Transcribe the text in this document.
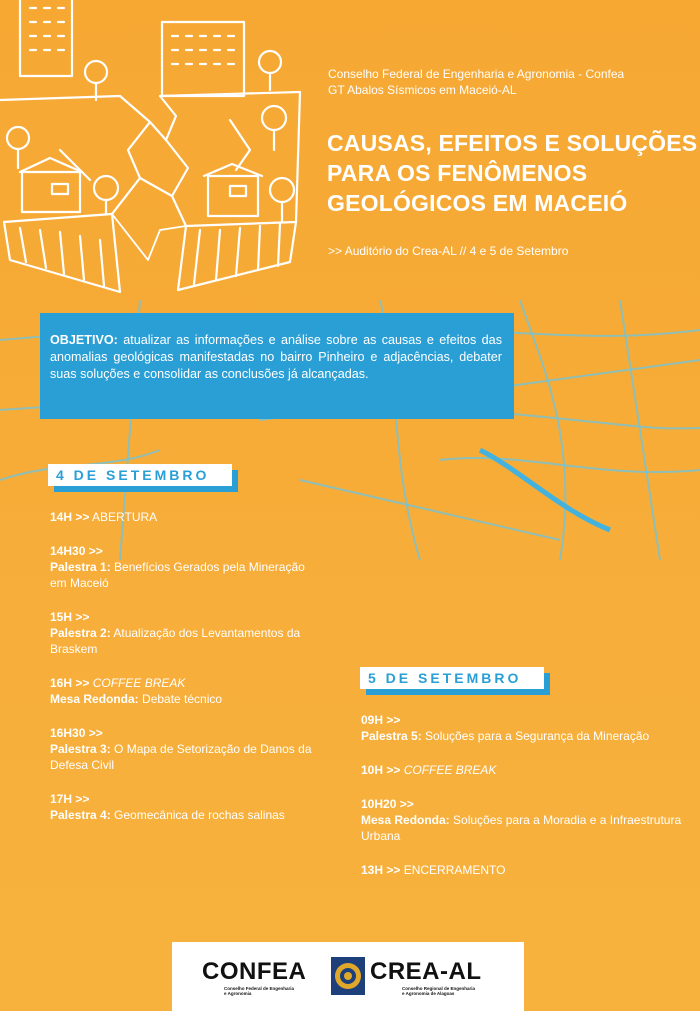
Conselho Federal de Engenharia e Agronomia - Confea
GT Abalos Sísmicos em Maceió-AL
CAUSAS, EFEITOS E SOLUÇÕES
PARA OS FENÔMENOS
GEOLÓGICOS EM MACEIÓ
>> Auditório do Crea-AL // 4 e 5 de Setembro
OBJETIVO: atualizar as informações e análise sobre as causas e efeitos das anomalias geológicas manifestadas no bairro Pinheiro e adjacências, debater suas soluções e consolidar as conclusões já alcançadas.
4 DE SETEMBRO
14H >> ABERTURA
14H30 >>
Palestra 1: Benefícios Gerados pela Mineração em Maceió
15H >>
Palestra 2: Atualização dos Levantamentos da Braskem
16H >> COFFEE BREAK
Mesa Redonda: Debate técnico
16H30 >>
Palestra 3: O Mapa de Setorização de Danos da Defesa Civil
17H >>
Palestra 4: Geomecânica de rochas salinas
5 DE SETEMBRO
09H >>
Palestra 5: Soluções para a Segurança da Mineração
10H >> COFFEE BREAK
10H20 >>
Mesa Redonda: Soluções para a Moradia e a Infraestrutura Urbana
13H >> ENCERRAMENTO
CONFEA
Conselho Federal de Engenharia
e Agronomia
CREA-AL
Conselho Regional de Engenharia
e Agronomia de Alagoas
